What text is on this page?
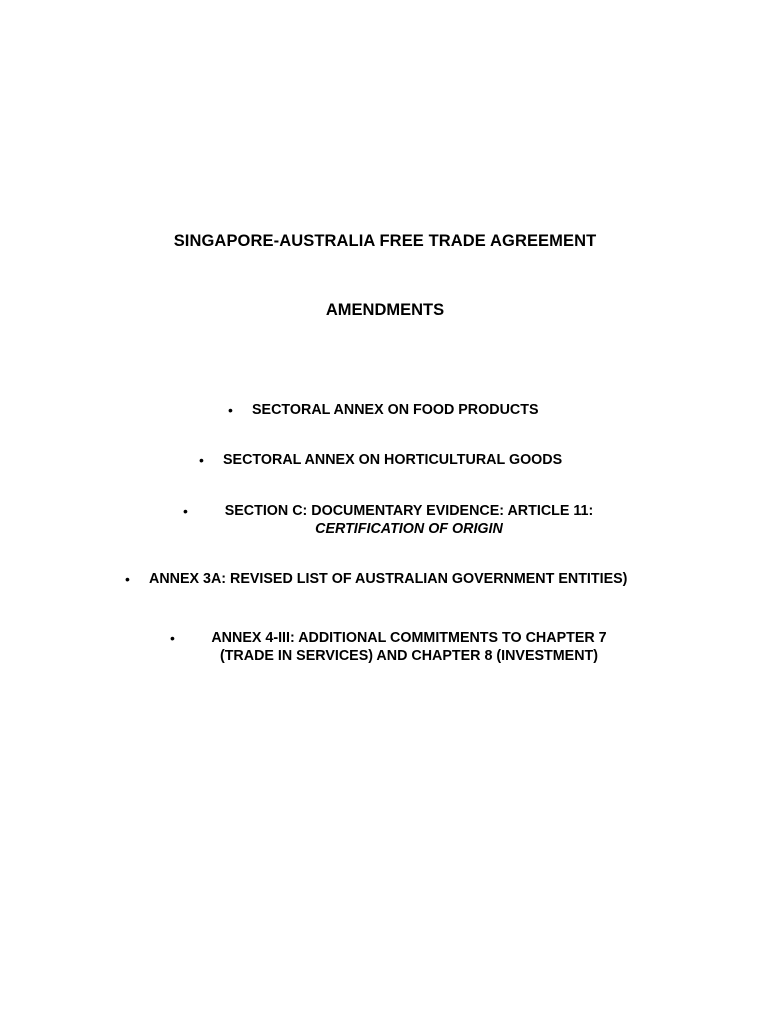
SINGAPORE-AUSTRALIA FREE TRADE AGREEMENT
AMENDMENTS
• SECTORAL ANNEX ON FOOD PRODUCTS
• SECTORAL ANNEX ON HORTICULTURAL GOODS
•	SECTION C: DOCUMENTARY EVIDENCE: ARTICLE 11:
CERTIFICATION OF ORIGIN
• ANNEX 3A: REVISED LIST OF AUSTRALIAN GOVERNMENT ENTITIES)
•	ANNEX 4-III: ADDITIONAL COMMITMENTS TO CHAPTER 7
(TRADE IN SERVICES) AND CHAPTER 8 (INVESTMENT)
